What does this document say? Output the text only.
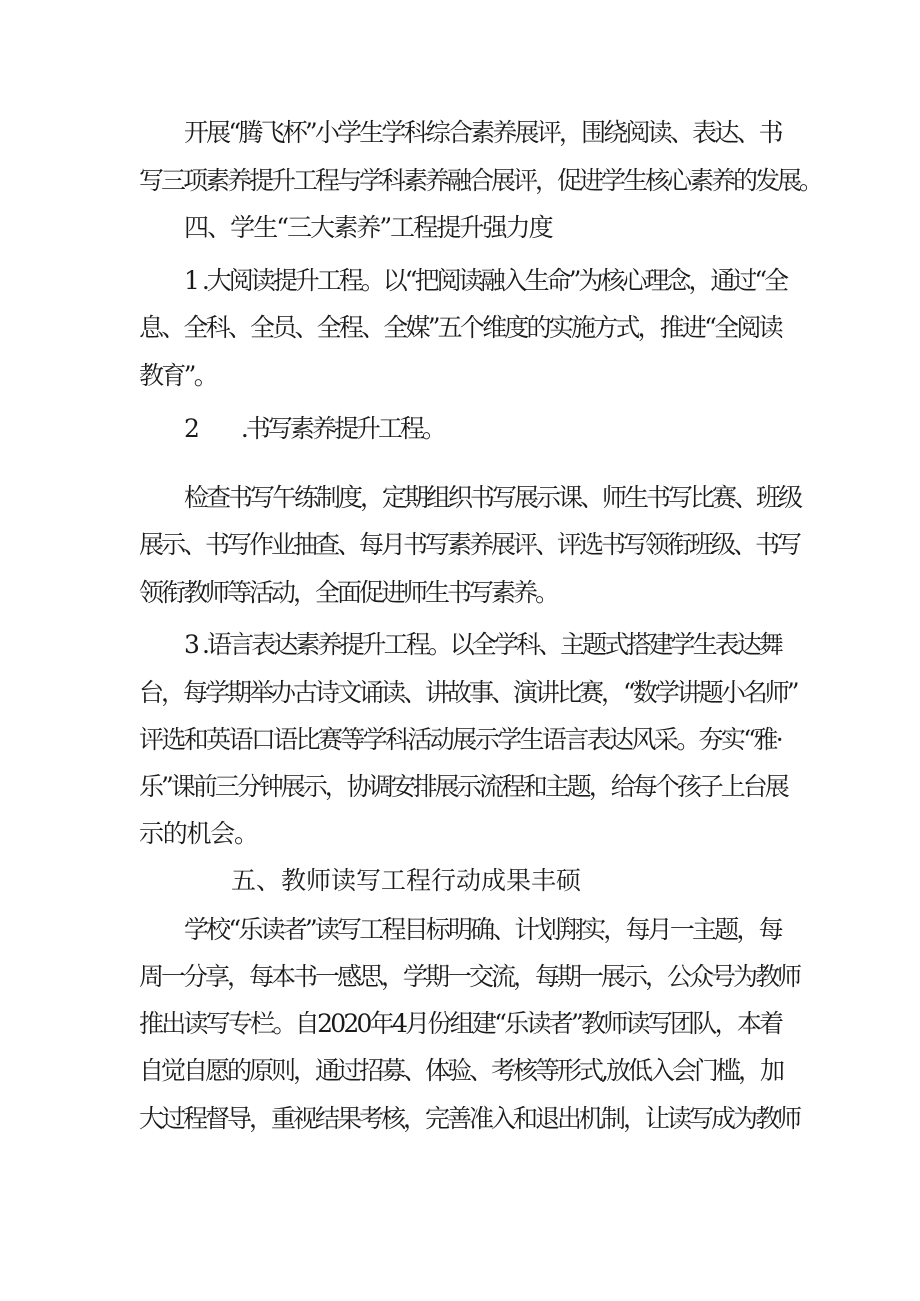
开展“腾飞杯”小学生学科综合素养展评，围绕阅读、表达、书

写三项素养提升工程与学科素养融合展评，促进学生核心素养的发展。

四、学生“三大素养”工程提升强力度

1 .大阅读提升工程。以“把阅读融入生命”为核心理念，通过“全

息、全科、全员、全程、全媒”五个维度的实施方式，推进“全阅读

教育”。

2　　.书写素养提升工程。

检查书写午练制度，定期组织书写展示课、师生书写比赛、班级

展示、书写作业抽查、每月书写素养展评、评选书写领衔班级、书写

领衔教师等活动，全面促进师生书写素养。

3 .语言表达素养提升工程。以全学科、主题式搭建学生表达舞

台，每学期举办古诗文诵读、讲故事、演讲比赛，“数学讲题小名师”

评选和英语口语比赛等学科活动展示学生语言表达风采。夯实“雅·

乐”课前三分钟展示，协调安排展示流程和主题，给每个孩子上台展

示的机会。

五、教师读写工程行动成果丰硕

学校“乐读者”读写工程目标明确、计划翔实，每月一主题，每

周一分享，每本书一感思，学期一交流，每期一展示，公众号为教师

推出读写专栏。自2020年4月份组建“乐读者”教师读写团队，本着

自觉自愿的原则，通过招募、体验、考核等形式,放低入会门槛，加

大过程督导，重视结果考核，完善准入和退出机制，让读写成为教师
